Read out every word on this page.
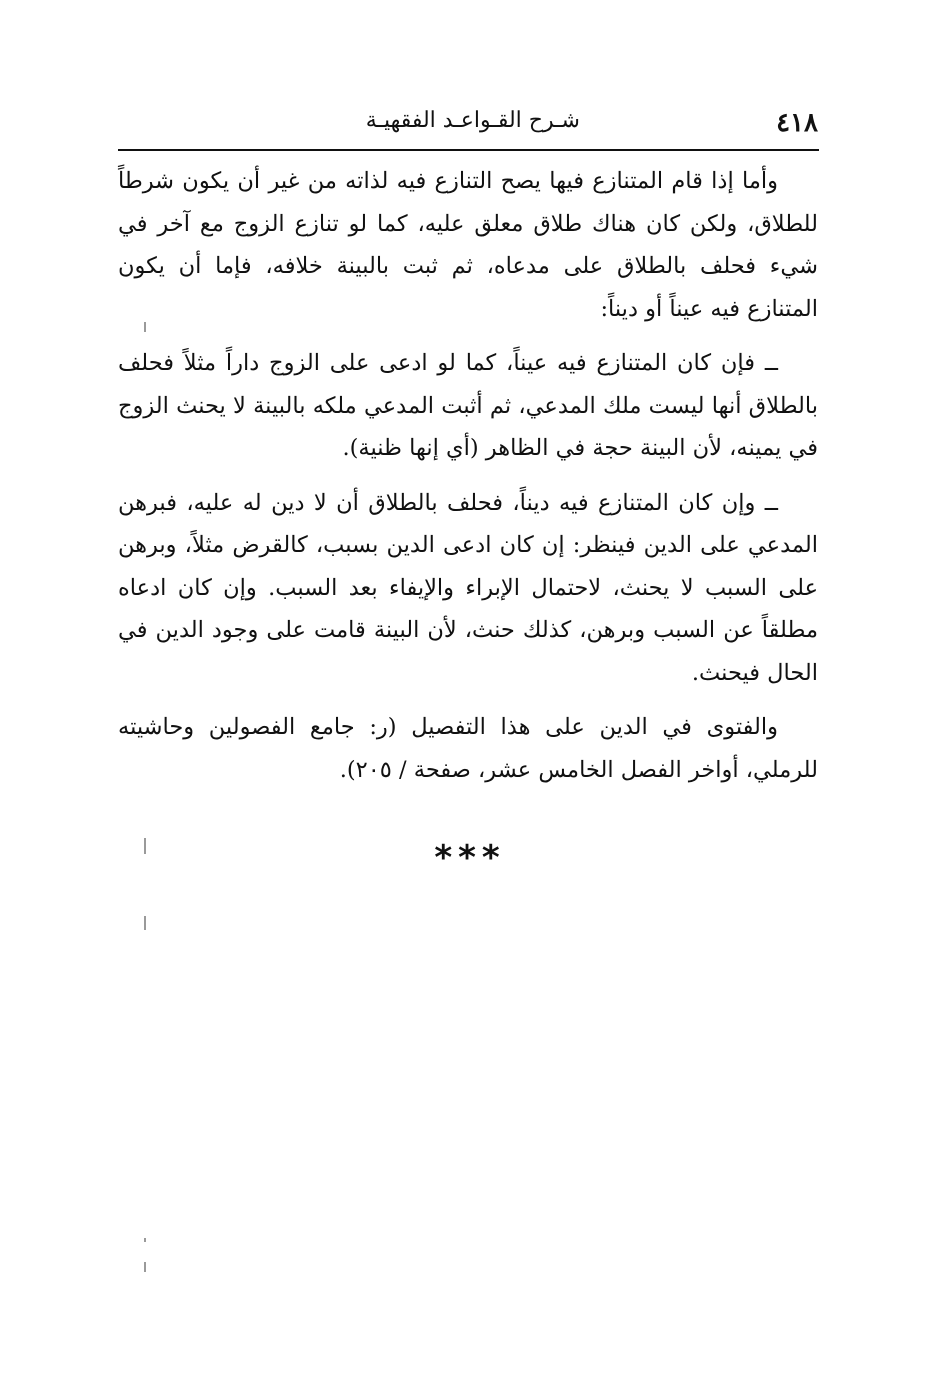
٤١٨
شـرح القـواعـد الفقهيـة

وأما إذا قام المتنازع فيها يصح التنازع فيه لذاته من غير أن يكون شرطاً للطلاق، ولكن كان هناك طلاق معلق عليه، كما لو تنازع الزوج مع آخر في شيء فحلف بالطلاق على مدعاه، ثم ثبت بالبينة خلافه، فإما أن يكون المتنازع فيه عيناً أو ديناً:

ــ فإن كان المتنازع فيه عيناً، كما لو ادعى على الزوج داراً مثلاً فحلف بالطلاق أنها ليست ملك المدعي، ثم أثبت المدعي ملكه بالبينة لا يحنث الزوج في يمينه، لأن البينة حجة في الظاهر (أي إنها ظنية).

ــ وإن كان المتنازع فيه ديناً، فحلف بالطلاق أن لا دين له عليه، فبرهن المدعي على الدين فينظر: إن كان ادعى الدين بسبب، كالقرض مثلاً، وبرهن على السبب لا يحنث، لاحتمال الإبراء والإيفاء بعد السبب. وإن كان ادعاه مطلقاً عن السبب وبرهن، كذلك حنث، لأن البينة قامت على وجود الدين في الحال فيحنث.

والفتوى في الدين على هذا التفصيل (ر: جامع الفصولين وحاشيته للرملي، أواخر الفصل الخامس عشر، صفحة / ٢٠٥).

***
